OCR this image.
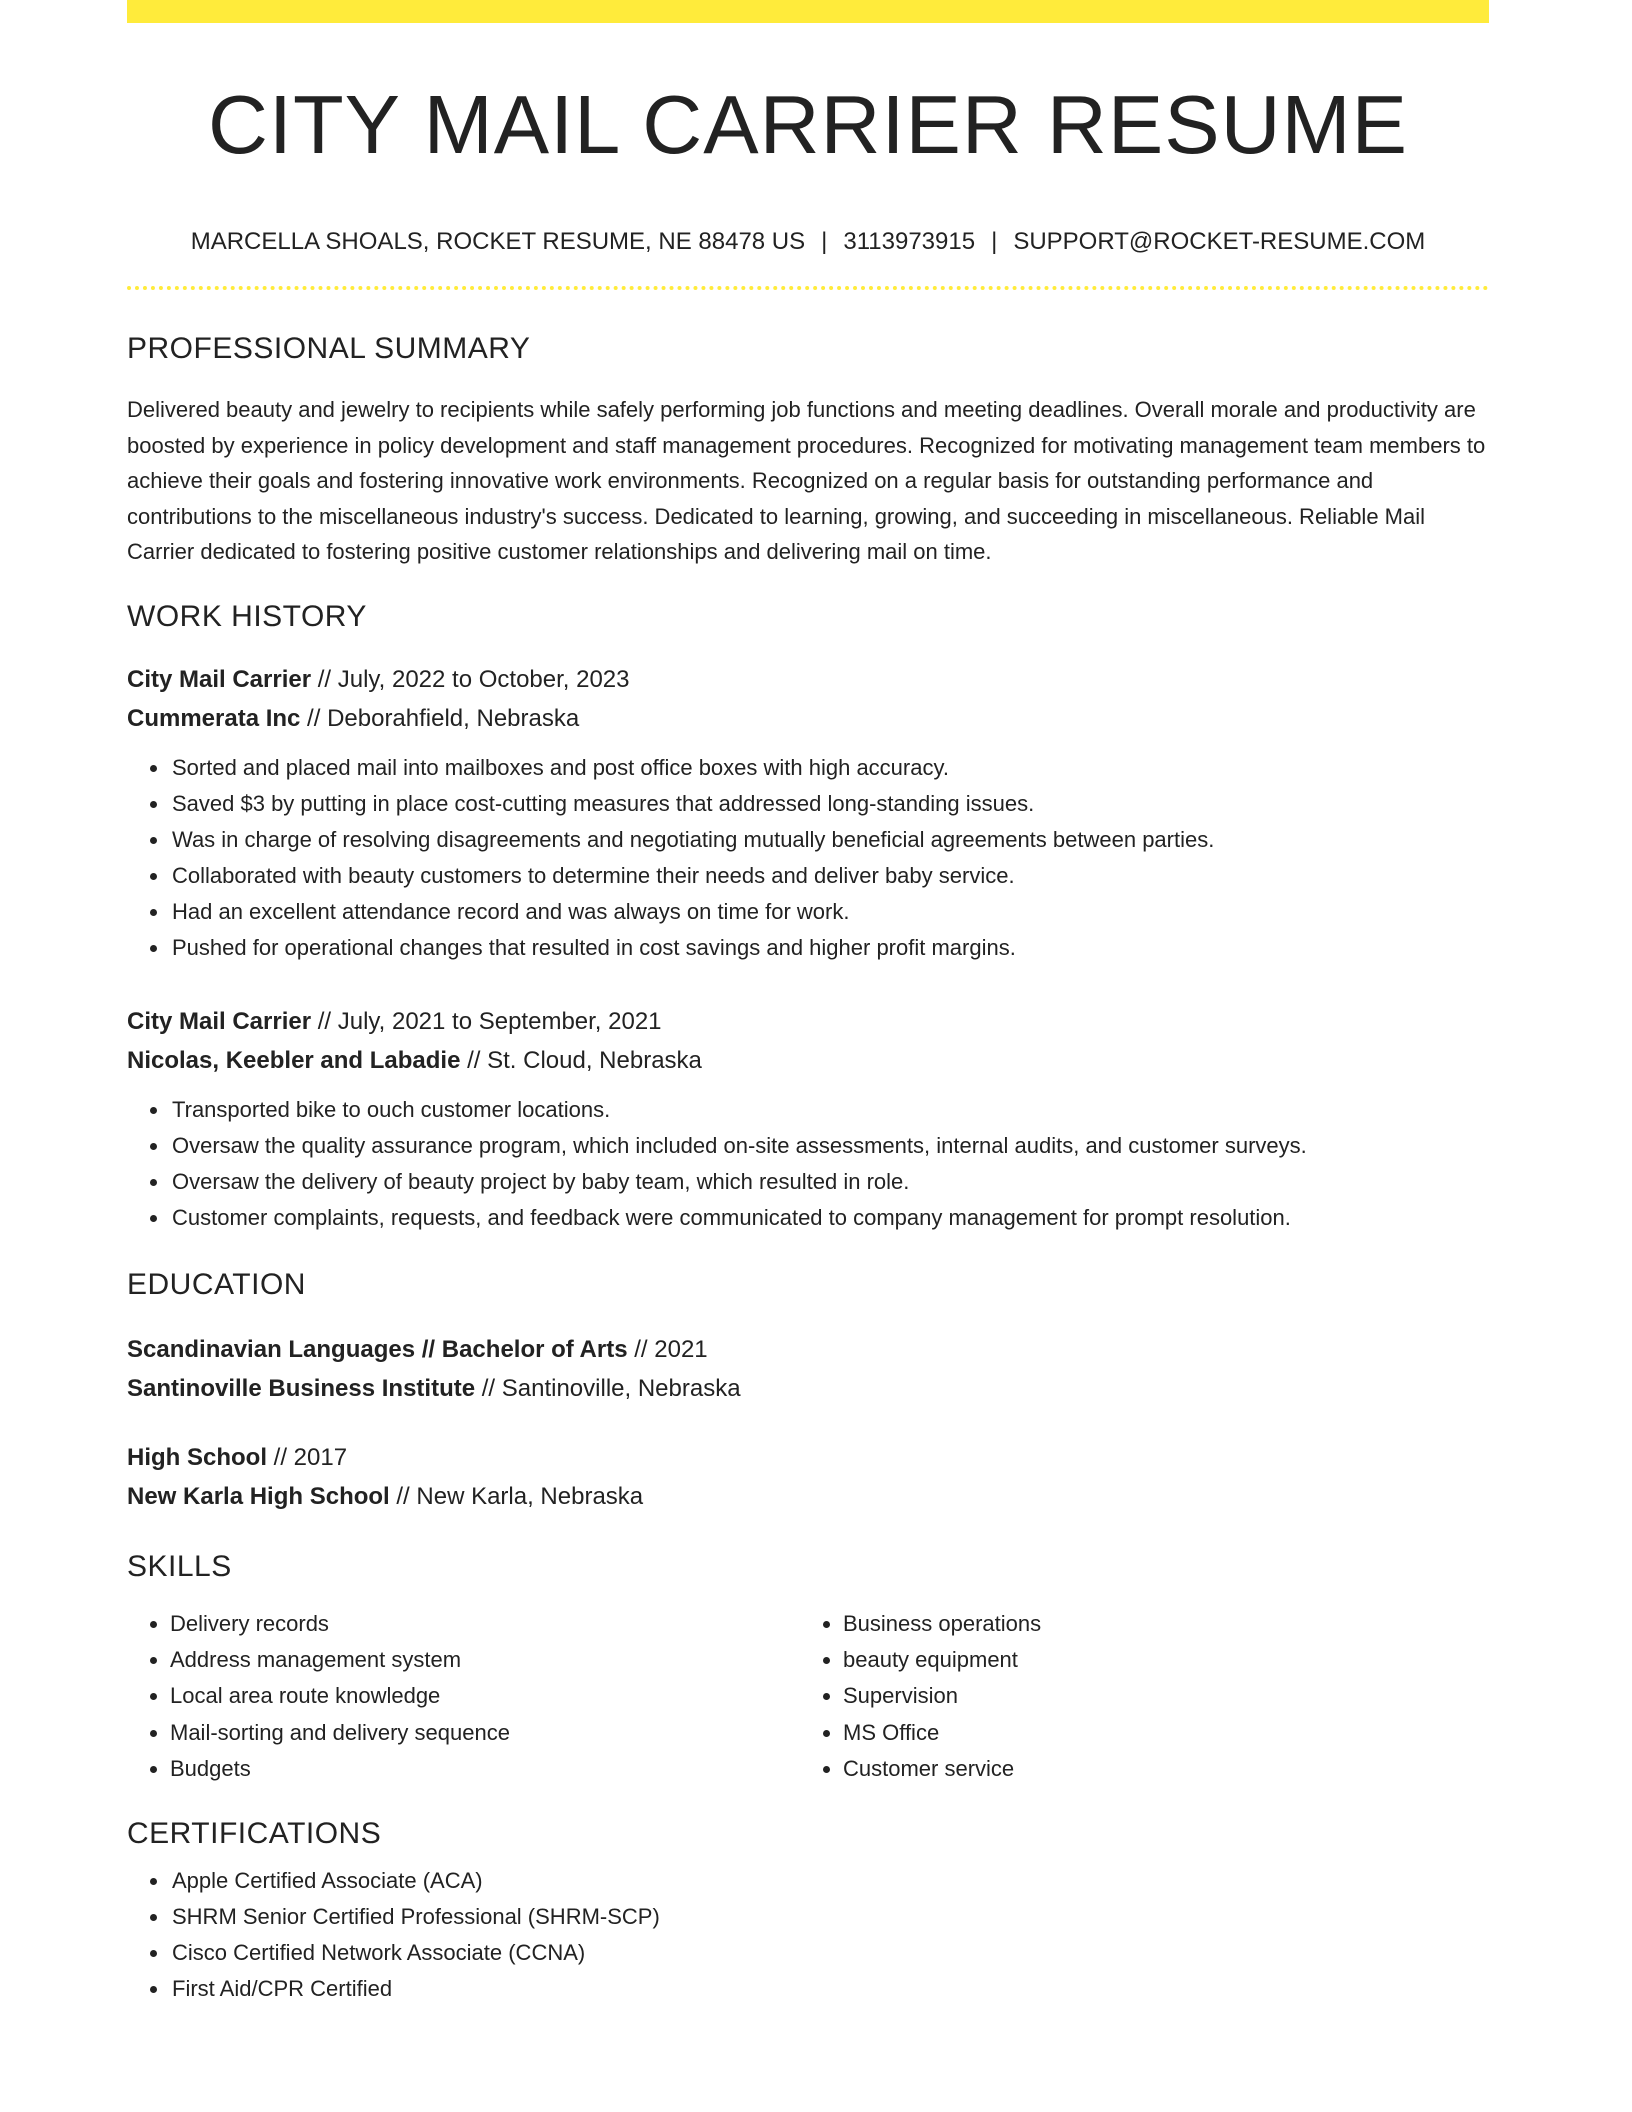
CITY MAIL CARRIER RESUME
MARCELLA SHOALS, ROCKET RESUME, NE 88478 US | 3113973915 | SUPPORT@ROCKET-RESUME.COM
PROFESSIONAL SUMMARY
Delivered beauty and jewelry to recipients while safely performing job functions and meeting deadlines. Overall morale and productivity are boosted by experience in policy development and staff management procedures. Recognized for motivating management team members to achieve their goals and fostering innovative work environments. Recognized on a regular basis for outstanding performance and contributions to the miscellaneous industry's success. Dedicated to learning, growing, and succeeding in miscellaneous. Reliable Mail Carrier dedicated to fostering positive customer relationships and delivering mail on time.
WORK HISTORY
City Mail Carrier // July, 2022 to October, 2023
Cummerata Inc // Deborahfield, Nebraska
• Sorted and placed mail into mailboxes and post office boxes with high accuracy.
• Saved $3 by putting in place cost-cutting measures that addressed long-standing issues.
• Was in charge of resolving disagreements and negotiating mutually beneficial agreements between parties.
• Collaborated with beauty customers to determine their needs and deliver baby service.
• Had an excellent attendance record and was always on time for work.
• Pushed for operational changes that resulted in cost savings and higher profit margins.
City Mail Carrier // July, 2021 to September, 2021
Nicolas, Keebler and Labadie // St. Cloud, Nebraska
• Transported bike to ouch customer locations.
• Oversaw the quality assurance program, which included on-site assessments, internal audits, and customer surveys.
• Oversaw the delivery of beauty project by baby team, which resulted in role.
• Customer complaints, requests, and feedback were communicated to company management for prompt resolution.
EDUCATION
Scandinavian Languages // Bachelor of Arts // 2021
Santinoville Business Institute // Santinoville, Nebraska
High School // 2017
New Karla High School // New Karla, Nebraska
SKILLS
• Delivery records
• Address management system
• Local area route knowledge
• Mail-sorting and delivery sequence
• Budgets
• Business operations
• beauty equipment
• Supervision
• MS Office
• Customer service
CERTIFICATIONS
• Apple Certified Associate (ACA)
• SHRM Senior Certified Professional (SHRM-SCP)
• Cisco Certified Network Associate (CCNA)
• First Aid/CPR Certified
